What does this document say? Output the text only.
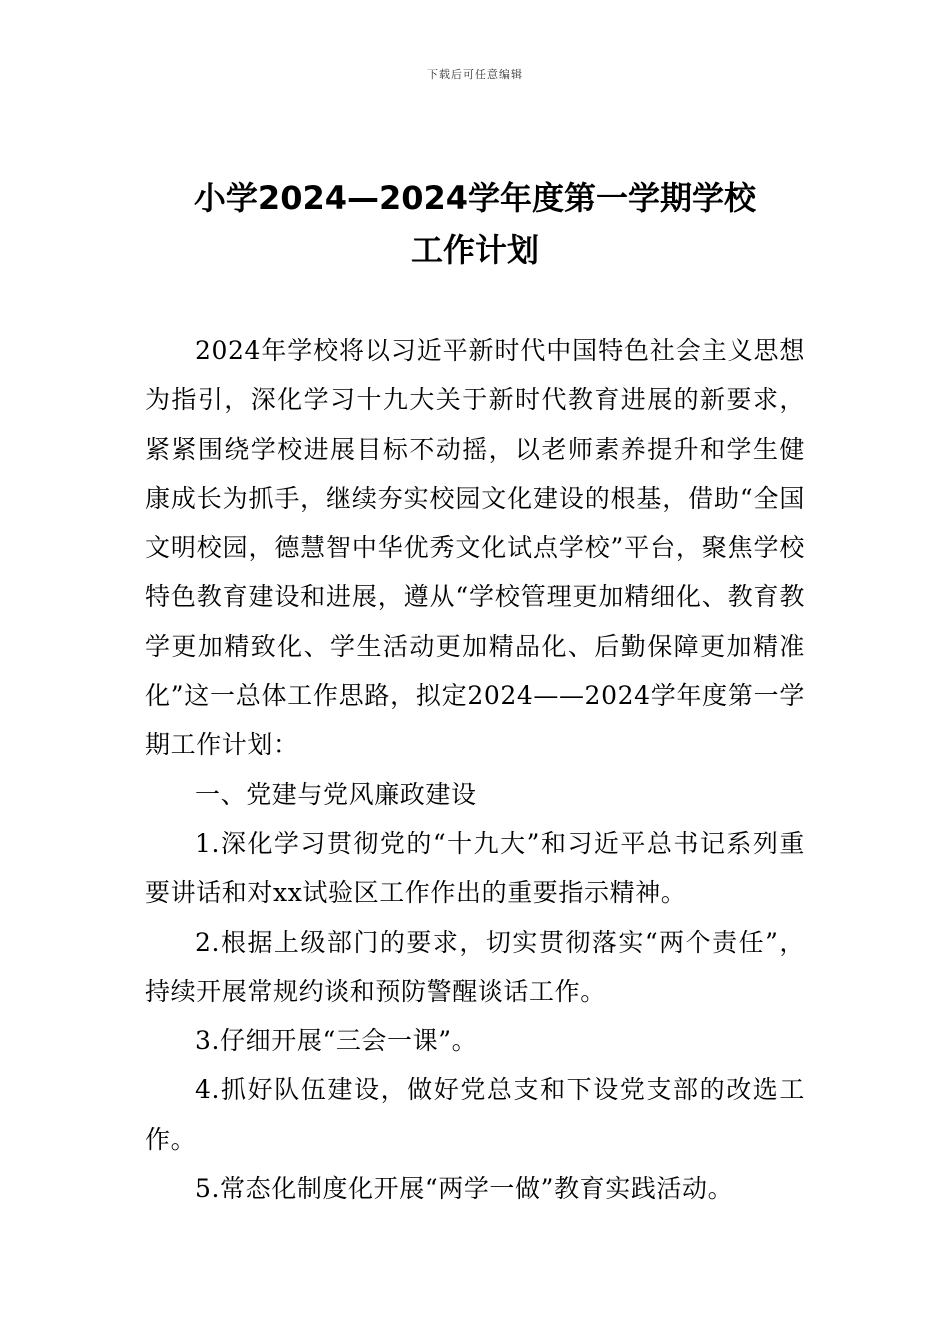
下载后可任意编辑
小学2024—2024学年度第一学期学校
工作计划

2024年学校将以习近平新时代中国特色社会主义思想为指引，深化学习十九大关于新时代教育进展的新要求，紧紧围绕学校进展目标不动摇，以老师素养提升和学生健康成长为抓手，继续夯实校园文化建设的根基，借助“全国文明校园，德慧智中华优秀文化试点学校”平台，聚焦学校特色教育建设和进展，遵从“学校管理更加精细化、教育教学更加精致化、学生活动更加精品化、后勤保障更加精准化”这一总体工作思路，拟定2024——2024学年度第一学期工作计划：

一、党建与党风廉政建设

1.深化学习贯彻党的“十九大”和习近平总书记系列重要讲话和对xx试验区工作作出的重要指示精神。

2.根据上级部门的要求，切实贯彻落实“两个责任”，持续开展常规约谈和预防警醒谈话工作。

3.仔细开展“三会一课”。

4.抓好队伍建设，做好党总支和下设党支部的改选工作。

5.常态化制度化开展“两学一做”教育实践活动。
